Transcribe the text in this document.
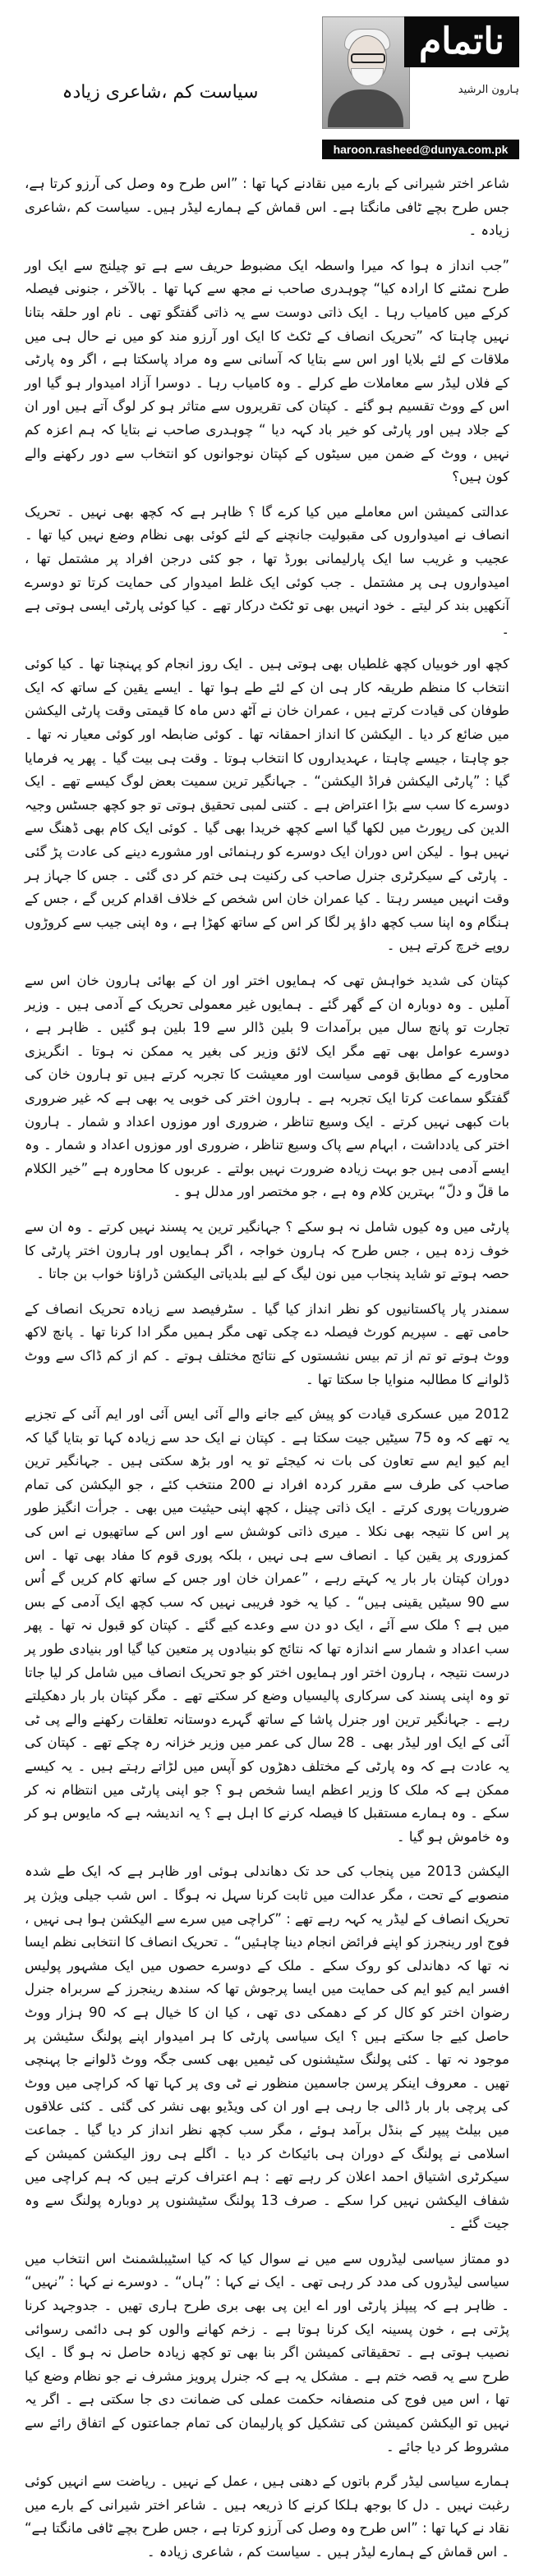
سیاست کم ،شاعری زیادہ
ناتمام
ہارون الرشید
haroon.rasheed@dunya.com.pk

شاعر اختر شیرانی کے بارے میں نقادنے کہا تھا : ”اس طرح وہ وصل کی آرزو کرتا ہے، جس طرح بچے ٹافی مانگتا ہے۔ اس قماش کے ہمارے لیڈر ہیں۔ سیاست کم ،شاعری زیادہ ۔

”جب انداز ہ ہوا کہ میرا واسطہ ایک مضبوط حریف سے ہے تو چیلنج سے ایک اور طرح نمٹنے کا ارادہ کیا“ چوہدری صاحب نے مجھ سے کہا تھا ۔ بالآخر ، جنونی فیصلہ کرکے میں کامیاب رہا ۔ ایک ذاتی دوست سے یہ ذاتی گفتگو تھی ۔ نام اور حلقہ بتانا نہیں چاہتا کہ ”تحریک انصاف کے ٹکٹ کا ایک اور آرزو مند کو میں نے حال ہی میں ملاقات کے لئے بلایا اور اس سے بتایا کہ آسانی سے وہ مراد پاسکتا ہے ، اگر وہ پارٹی کے فلاں لیڈر سے معاملات طے کرلے ۔ وہ کامیاب رہا ۔ دوسرا آزاد امیدوار ہو گیا اور اس کے ووٹ تقسیم ہو گئے ۔ کپتان کی تقریروں سے متاثر ہو کر لوگ آتے ہیں اور ان کے جلاد ہیں اور پارٹی کو خیر باد کہہ دیا “ چوہدری صاحب نے بتایا کہ ہم اعزہ کم نہیں ، ووٹ کے ضمن میں سیٹوں کے کپتان نوجوانوں کو انتخاب سے دور رکھنے والے کون ہیں؟

عدالتی کمیشن اس معاملے میں کیا کرے گا ؟ ظاہر ہے کہ کچھ بھی نہیں ۔ تحریک انصاف نے امیدواروں کی مقبولیت جانچنے کے لئے کوئی بھی نظام وضع نہیں کیا تھا ۔ عجیب و غریب سا ایک پارلیمانی بورڈ تھا ، جو کئی درجن افراد پر مشتمل تھا ، امیدواروں ہی پر مشتمل ۔ جب کوئی ایک غلط امیدوار کی حمایت کرتا تو دوسرے آنکھیں بند کر لیتے ۔ خود انہیں بھی تو ٹکٹ درکار تھے ۔ کیا کوئی پارٹی ایسی ہوتی ہے ۔

کچھ اور خوبیاں کچھ غلطیاں بھی ہوتی ہیں ۔ ایک روز انجام کو پہنچنا تھا ۔ کیا کوئی انتخاب کا منظم طریقہ کار ہی ان کے لئے طے ہوا تھا ۔ ایسے یقین کے ساتھ کہ ایک طوفان کی قیادت کرتے ہیں ، عمران خان نے آٹھ دس ماہ کا قیمتی وقت پارٹی الیکشن میں ضائع کر دیا ۔ الیکشن کا انداز احمقانہ تھا ۔ کوئی ضابطہ اور کوئی معیار نہ تھا ۔ جو چاہتا ، جیسے چاہتا ، عہدیداروں کا انتخاب ہوتا ۔ وقت ہی بیت گیا ۔ پھر یہ فرمایا گیا : ”پارٹی الیکشن فراڈ الیکشن“ ۔ جہانگیر ترین سمیت بعض لوگ کیسے تھے ۔ ایک دوسرے کا سب سے بڑا اعتراض ہے ۔ کتنی لمبی تحقیق ہوتی تو جو کچھ جسٹس وجیہ الدین کی رپورٹ میں لکھا گیا اسے کچھ خریدا بھی گیا ۔ کوئی ایک کام بھی ڈھنگ سے نہیں ہوا ۔ لیکن اس دوران ایک دوسرے کو رہنمائی اور مشورے دینے کی عادت پڑ گئی ۔ پارٹی کے سیکرٹری جنرل صاحب کی رکنیت ہی ختم کر دی گئی ۔ جس کا جہاز ہر وقت انہیں میسر رہتا ۔ کیا عمران خان اس شخص کے خلاف اقدام کریں گے ، جس کے ہنگام وہ اپنا سب کچھ داؤ پر لگا کر اس کے ساتھ کھڑا ہے ، وہ اپنی جیب سے کروڑوں روپے خرچ کرتے ہیں ۔

کپتان کی شدید خواہش تھی کہ ہمایوں اختر اور ان کے بھائی ہارون خان اس سے آملیں ۔ وہ دوبارہ ان کے گھر گئے ۔ ہمایوں غیر معمولی تحریک کے آدمی ہیں ۔ وزیر تجارت تو پانچ سال میں برآمدات 9 بلین ڈالر سے 19 بلین ہو گئیں ۔ ظاہر ہے ، دوسرے عوامل بھی تھے مگر ایک لائق وزیر کی بغیر یہ ممکن نہ ہوتا ۔ انگریزی محاورے کے مطابق قومی سیاست اور معیشت کا تجربہ کرتے ہیں تو ہارون خان کی گفتگو سماعت کرتا ایک تجربہ ہے ۔ ہارون اختر کی خوبی یہ بھی ہے کہ غیر ضروری بات کبھی نہیں کرتے ۔ ایک وسیع تناظر ، ضروری اور موزوں اعداد و شمار ۔ ہارون اختر کی یادداشت ، ابہام سے پاک وسیع تناظر ، ضروری اور موزوں اعداد و شمار ۔ وہ ایسے آدمی ہیں جو بہت زیادہ ضرورت نہیں بولتے ۔ عربوں کا محاورہ ہے ”خیر الکلام ما قلّ و دلّ“ بہترین کلام وہ ہے ، جو مختصر اور مدلل ہو ۔

پارٹی میں وہ کیوں شامل نہ ہو سکے ؟ جہانگیر ترین یہ پسند نہیں کرتے ۔ وہ ان سے خوف زدہ ہیں ، جس طرح کہ ہارون خواجہ ، اگر ہمایوں اور ہارون اختر پارٹی کا حصہ ہوتے تو شاید پنجاب میں نون لیگ کے لیے بلدیاتی الیکشن ڈراؤنا خواب بن جاتا ۔

سمندر پار پاکستانیوں کو نظر انداز کیا گیا ۔ سٹرفیصد سے زیادہ تحریک انصاف کے حامی تھے ۔ سپریم کورٹ فیصلہ دے چکی تھی مگر ہمیں مگر ادا کرنا تھا ۔ پانچ لاکھ ووٹ ہوتے تو تم از تم بیس نشستوں کے نتائج مختلف ہوتے ۔ کم از کم ڈاک سے ووٹ ڈلوانے کا مطالبہ منوایا جا سکتا تھا ۔

2012 میں عسکری قیادت کو پیش کیے جانے والے آئی ایس آئی اور ایم آئی کے تجزیے یہ تھے کہ وہ 75 سیٹیں جیت سکتا ہے ۔ کپتان نے ایک حد سے زیادہ کہا تو بتایا گیا کہ ایم کیو ایم سے تعاون کی بات نہ کیجئے تو یہ اور بڑھ سکتی ہیں ۔ جہانگیر ترین صاحب کی طرف سے مقرر کردہ افراد نے 200 منتخب کئے ، جو الیکشن کی تمام ضروریات پوری کرتے ۔ ایک ذاتی چینل ، کچھ اپنی حیثیت میں بھی ۔ جرأت انگیز طور پر اس کا نتیجہ بھی نکلا ۔ میری ذاتی کوشش سے اور اس کے ساتھیوں نے اس کی کمزوری پر یقین کیا ۔ انصاف سے ہی نہیں ، بلکہ پوری قوم کا مفاد بھی تھا ۔ اس دوران کپتان بار بار یہ کہتے رہے ، ”عمران خان اور جس کے ساتھ کام کریں گے اُس سے 90 سیٹیں یقینی ہیں“ ۔ کیا یہ خود فریبی نہیں کہ سب کچھ ایک آدمی کے بس میں ہے ؟ ملک سے آئے ، ایک دو دن سے وعدے کیے گئے ۔ کپتان کو قبول نہ تھا ۔ پھر سب اعداد و شمار سے اندازہ تھا کہ نتائج کو بنیادوں پر متعین کیا گیا اور بنیادی طور پر درست نتیجہ ، ہارون اختر اور ہمایوں اختر کو جو تحریک انصاف میں شامل کر لیا جاتا تو وہ اپنی پسند کی سرکاری پالیسیاں وضع کر سکتے تھے ۔ مگر کپتان بار بار دھکیلتے رہے ۔ جہانگیر ترین اور جنرل پاشا کے ساتھ گہرے دوستانہ تعلقات رکھنے والے پی ٹی آئی کے ایک اور لیڈر بھی ۔ 28 سال کی عمر میں وزیر خزانہ رہ چکے تھے ۔ کپتان کی یہ عادت ہے کہ وہ پارٹی کے مختلف دھڑوں کو آپس میں لڑاتے رہتے ہیں ۔ یہ کیسے ممکن ہے کہ ملک کا وزیر اعظم ایسا شخص ہو ؟ جو اپنی پارٹی میں انتظام نہ کر سکے ۔ وہ ہمارے مستقبل کا فیصلہ کرنے کا اہل ہے ؟ یہ اندیشہ ہے کہ مایوس ہو کر وہ خاموش ہو گیا ۔

الیکشن 2013 میں پنجاب کی حد تک دھاندلی ہوئی اور ظاہر ہے کہ ایک طے شدہ منصوبے کے تحت ، مگر عدالت میں ثابت کرنا سہل نہ ہوگا ۔ اس شب جیلی ویژن پر تحریک انصاف کے لیڈر یہ کہہ رہے تھے : ”کراچی میں سرے سے الیکشن ہوا ہی نہیں ، فوج اور رینجرز کو اپنے فرائض انجام دینا چاہئیں“ ۔ تحریک انصاف کا انتخابی نظم ایسا نہ تھا کہ دھاندلی کو روک سکے ۔ ملک کے دوسرے حصوں میں ایک مشہور پولیس افسر ایم کیو ایم کی حمایت میں ایسا پرجوش تھا کہ سندھ رینجرز کے سربراہ جنرل رضوان اختر کو کال کر کے دھمکی دی تھی ، کیا ان کا خیال ہے کہ 90 ہزار ووٹ حاصل کیے جا سکتے ہیں ؟ ایک سیاسی پارٹی کا ہر امیدوار اپنے پولنگ سٹیشن پر موجود نہ تھا ۔ کئی پولنگ سٹیشنوں کی ٹیمیں بھی کسی جگہ ووٹ ڈلوانے جا پہنچی تھیں ۔ معروف اینکر پرسن جاسمین منظور نے ٹی وی پر کہا تھا کہ کراچی میں ووٹ کی پرچی بار بار ڈالی جا رہی ہے اور ان کی ویڈیو بھی نشر کی گئی ۔ کئی علاقوں میں بیلٹ پیپر کے بنڈل برآمد ہوئے ، مگر سب کچھ نظر انداز کر دیا گیا ۔ جماعت اسلامی نے پولنگ کے دوران ہی بائیکاٹ کر دیا ۔ اگلے ہی روز الیکشن کمیشن کے سیکرٹری اشتیاق احمد اعلان کر رہے تھے : ہم اعتراف کرتے ہیں کہ ہم کراچی میں شفاف الیکشن نہیں کرا سکے ۔ صرف 13 پولنگ سٹیشنوں پر دوبارہ پولنگ سے وہ جیت گئے ۔

دو ممتاز سیاسی لیڈروں سے میں نے سوال کیا کہ کیا اسٹیبلشمنٹ اس انتخاب میں سیاسی لیڈروں کی مدد کر رہی تھی ۔ ایک نے کہا : ”ہاں“ ۔ دوسرے نے کہا : ”نہیں“ ۔ ظاہر ہے کہ پیپلز پارٹی اور اے این پی بھی بری طرح ہاری تھیں ۔ جدوجہد کرنا پڑتی ہے ، خون پسینہ ایک کرنا ہوتا ہے ۔ زخم کھانے والوں کو ہی دائمی رسوائی نصیب ہوتی ہے ۔ تحقیقاتی کمیشن اگر بنا بھی تو کچھ زیادہ حاصل نہ ہو گا ۔ ایک طرح سے یہ قصہ ختم ہے ۔ مشکل یہ ہے کہ جنرل پرویز مشرف نے جو نظام وضع کیا تھا ، اس میں فوج کی منصفانہ حکمت عملی کی ضمانت دی جا سکتی ہے ۔ اگر یہ نہیں تو الیکشن کمیشن کی تشکیل کو پارلیمان کی تمام جماعتوں کے اتفاق رائے سے مشروط کر دیا جائے ۔

ہمارے سیاسی لیڈر گرم باتوں کے دھنی ہیں ، عمل کے نہیں ۔ ریاضت سے انہیں کوئی رغبت نہیں ۔ دل کا بوجھ ہلکا کرنے کا ذریعہ ہیں ۔ شاعر اختر شیرانی کے بارے میں نقاد نے کہا تھا : ”اس طرح وہ وصل کی آرزو کرتا ہے ، جس طرح بچے ٹافی مانگتا ہے“ ۔ اس قماش کے ہمارے لیڈر ہیں ۔ سیاست کم ، شاعری زیادہ ۔
